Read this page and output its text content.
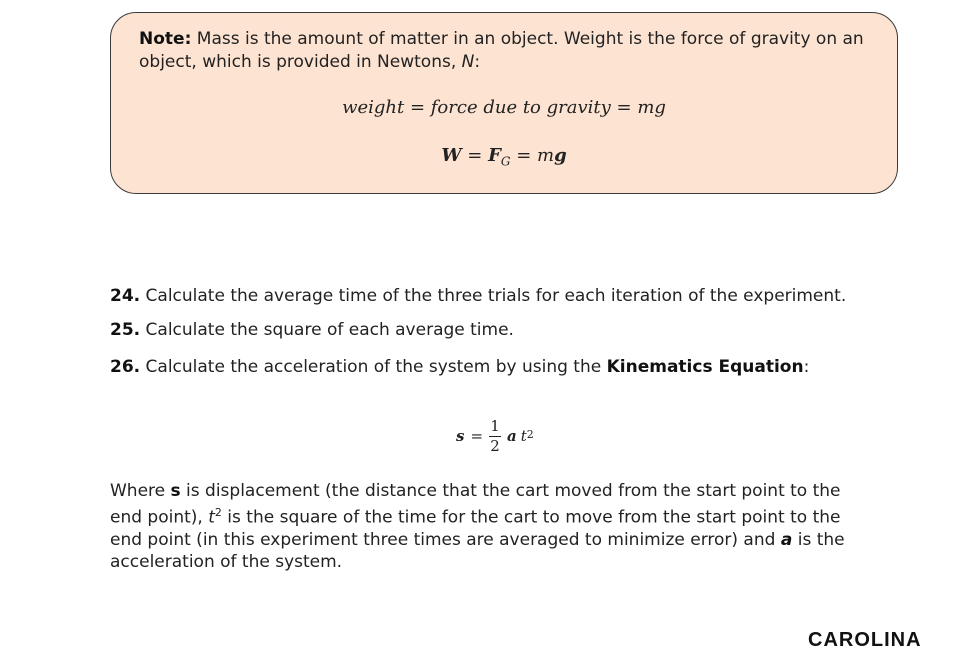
Note: Mass is the amount of matter in an object. Weight is the force of gravity on an object, which is provided in Newtons, N:

weight = force due to gravity = mg
$W = F_G$ = mg

24. Calculate the average time of the three trials for each iteration of the experiment.

25. Calculate the square of each average time.

26. Calculate the acceleration of the system by using the Kinematics Equation:

$s = \frac{1}{2}$ a $t^2$

Where s is displacement (the distance that the cart moved from the start point to the end point), $t^2$ is the square of the time for the cart to move from the start point to the end point (in this experiment three times are averaged to minimize error) and a is the acceleration of the system.

CAROLINA
